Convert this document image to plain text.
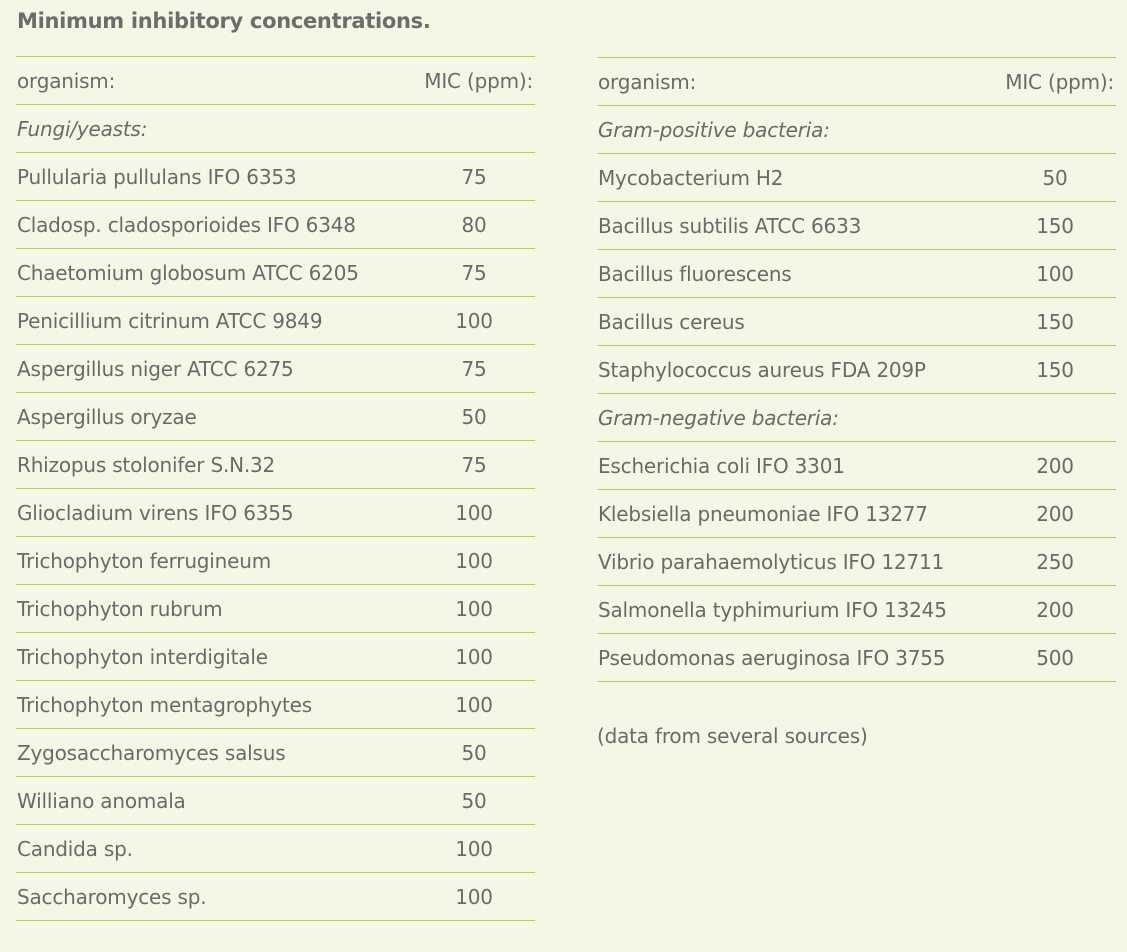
Minimum inhibitory concentrations.
organism:	MIC (ppm):
Fungi/yeasts:
Pullularia pullulans IFO 6353	75
Cladosp. cladosporioides IFO 6348	80
Chaetomium globosum ATCC 6205	75
Penicillium citrinum ATCC 9849	100
Aspergillus niger ATCC 6275	75
Aspergillus oryzae	50
Rhizopus stolonifer S.N.32	75
Gliocladium virens IFO 6355	100
Trichophyton ferrugineum	100
Trichophyton rubrum	100
Trichophyton interdigitale	100
Trichophyton mentagrophytes	100
Zygosaccharomyces salsus	50
Williano anomala	50
Candida sp.	100
Saccharomyces sp.	100
organism:	MIC (ppm):
Gram-positive bacteria:
Mycobacterium H2	50
Bacillus subtilis ATCC 6633	150
Bacillus fluorescens	100
Bacillus cereus	150
Staphylococcus aureus FDA 209P	150
Gram-negative bacteria:
Escherichia coli IFO 3301	200
Klebsiella pneumoniae IFO 13277	200
Vibrio parahaemolyticus IFO 12711	250
Salmonella typhimurium IFO 13245	200
Pseudomonas aeruginosa IFO 3755	500
(data from several sources)
